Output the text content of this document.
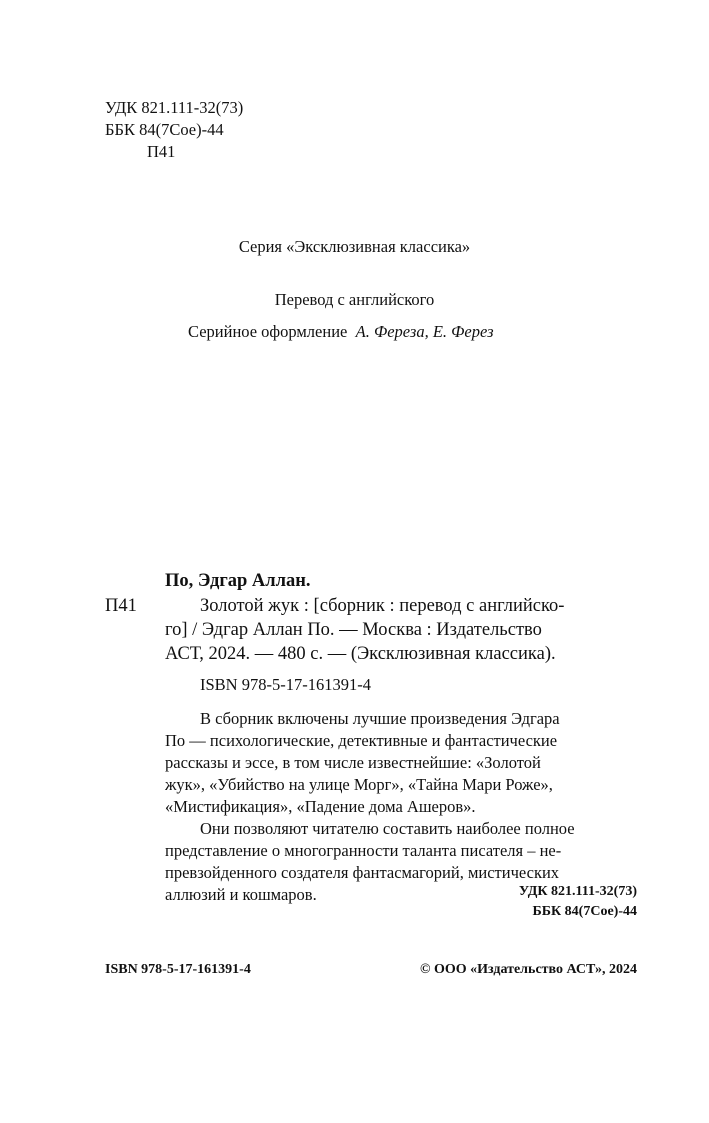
УДК 821.111-32(73)
ББК 84(7Сое)-44
П41
Серия «Эксклюзивная классика»
Перевод с английского
Серийное оформление А. Фереза, Е. Ферез
По, Эдгар Аллан.
П41	Золотой жук : [сборник : перевод с английско-
го] / Эдгар Аллан По. — Москва : Издательство
АСТ, 2024. — 480 с. — (Эксклюзивная классика).
ISBN 978-5-17-161391-4
В сборник включены лучшие произведения Эдгара
По — психологические, детективные и фантастические
рассказы и эссе, в том числе известнейшие: «Золотой
жук», «Убийство на улице Морг», «Тайна Мари Роже»,
«Мистификация», «Падение дома Ашеров».
Они позволяют читателю составить наиболее полное
представление о многогранности таланта писателя – не-
превзойденного создателя фантасмагорий, мистических
аллюзий и кошмаров.	УДК 821.111-32(73)
ББК 84(7Сое)-44
ISBN 978-5-17-161391-4	© ООО «Издательство АСТ», 2024
